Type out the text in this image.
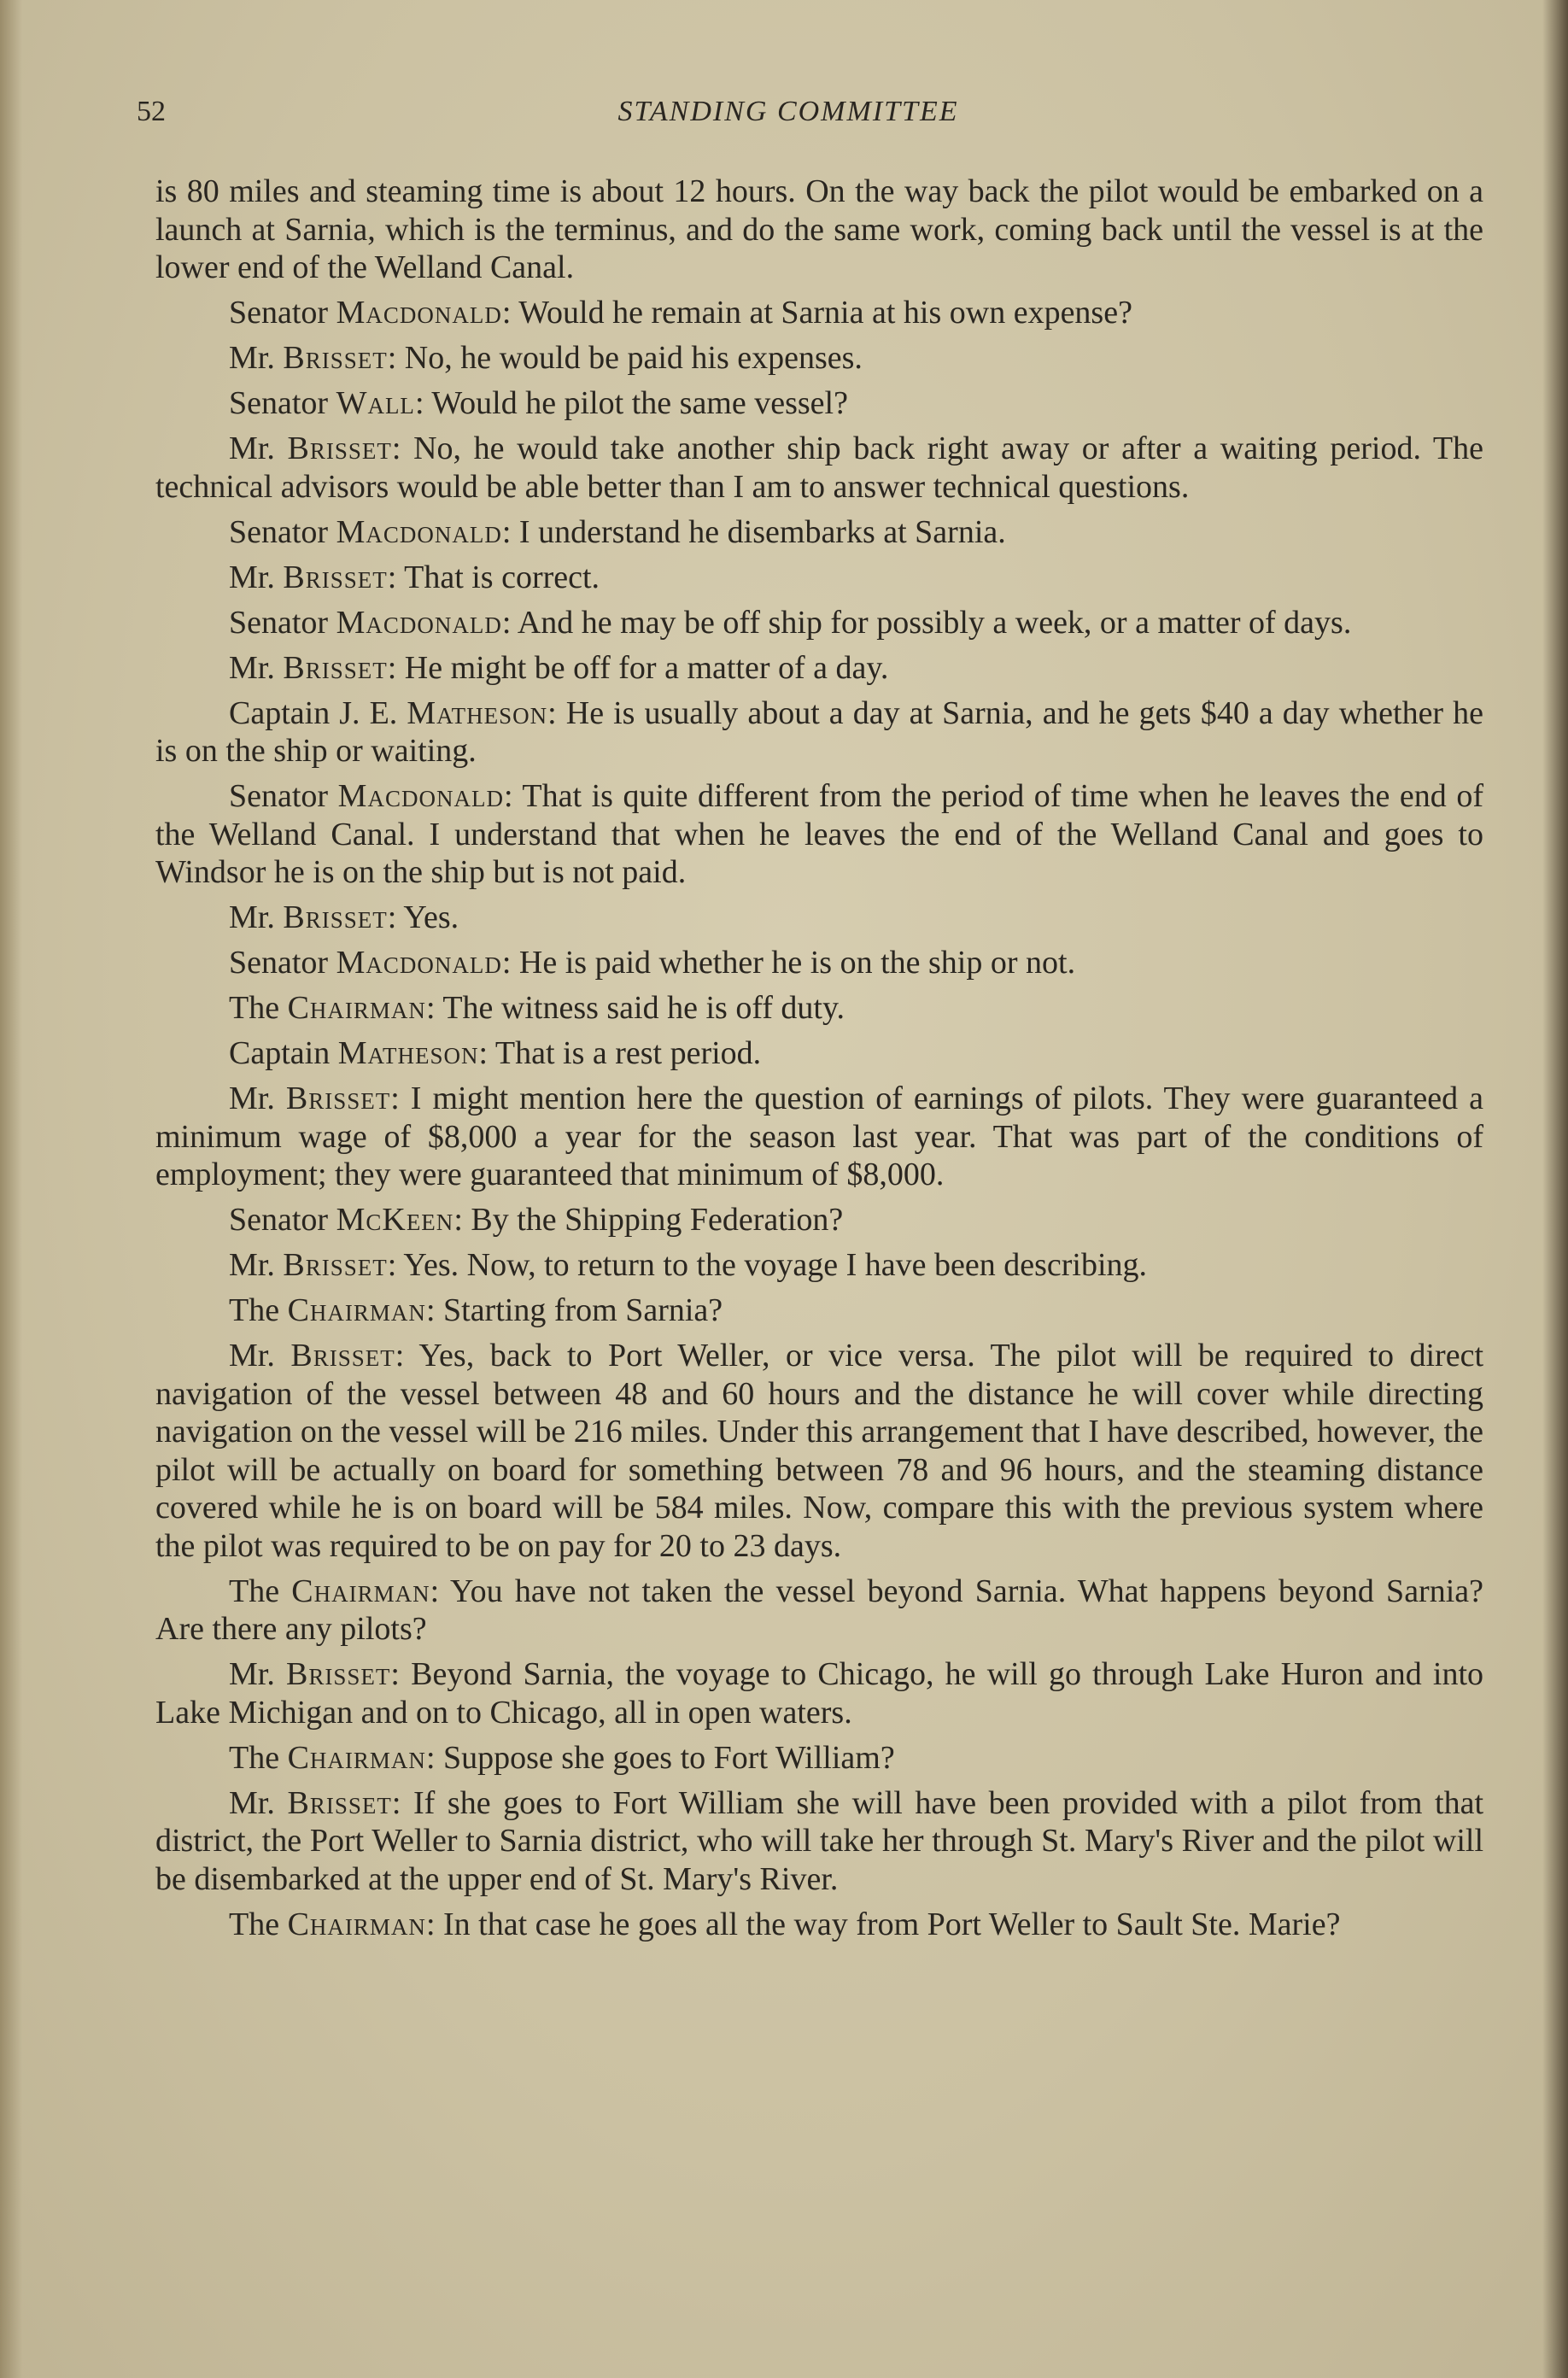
52	STANDING COMMITTEE

is 80 miles and steaming time is about 12 hours. On the way back the pilot would be embarked on a launch at Sarnia, which is the terminus, and do the same work, coming back until the vessel is at the lower end of the Welland Canal.

Senator Macdonald: Would he remain at Sarnia at his own expense?

Mr. Brisset: No, he would be paid his expenses.

Senator Wall: Would he pilot the same vessel?

Mr. Brisset: No, he would take another ship back right away or after a waiting period. The technical advisors would be able better than I am to answer technical questions.

Senator Macdonald: I understand he disembarks at Sarnia.

Mr. Brisset: That is correct.

Senator Macdonald: And he may be off ship for possibly a week, or a matter of days.

Mr. Brisset: He might be off for a matter of a day.

Captain J. E. Matheson: He is usually about a day at Sarnia, and he gets $40 a day whether he is on the ship or waiting.

Senator Macdonald: That is quite different from the period of time when he leaves the end of the Welland Canal. I understand that when he leaves the end of the Welland Canal and goes to Windsor he is on the ship but is not paid.

Mr. Brisset: Yes.

Senator Macdonald: He is paid whether he is on the ship or not.

The Chairman: The witness said he is off duty.

Captain Matheson: That is a rest period.

Mr. Brisset: I might mention here the question of earnings of pilots. They were guaranteed a minimum wage of $8,000 a year for the season last year. That was part of the conditions of employment; they were guaranteed that minimum of $8,000.

Senator McKeen: By the Shipping Federation?

Mr. Brisset: Yes. Now, to return to the voyage I have been describing.

The Chairman: Starting from Sarnia?

Mr. Brisset: Yes, back to Port Weller, or vice versa. The pilot will be required to direct navigation of the vessel between 48 and 60 hours and the distance he will cover while directing navigation on the vessel will be 216 miles. Under this arrangement that I have described, however, the pilot will be actually on board for something between 78 and 96 hours, and the steaming distance covered while he is on board will be 584 miles. Now, compare this with the previous system where the pilot was required to be on pay for 20 to 23 days.

The Chairman: You have not taken the vessel beyond Sarnia. What happens beyond Sarnia? Are there any pilots?

Mr. Brisset: Beyond Sarnia, the voyage to Chicago, he will go through Lake Huron and into Lake Michigan and on to Chicago, all in open waters.

The Chairman: Suppose she goes to Fort William?

Mr. Brisset: If she goes to Fort William she will have been provided with a pilot from that district, the Port Weller to Sarnia district, who will take her through St. Mary's River and the pilot will be disembarked at the upper end of St. Mary's River.

The Chairman: In that case he goes all the way from Port Weller to Sault Ste. Marie?
